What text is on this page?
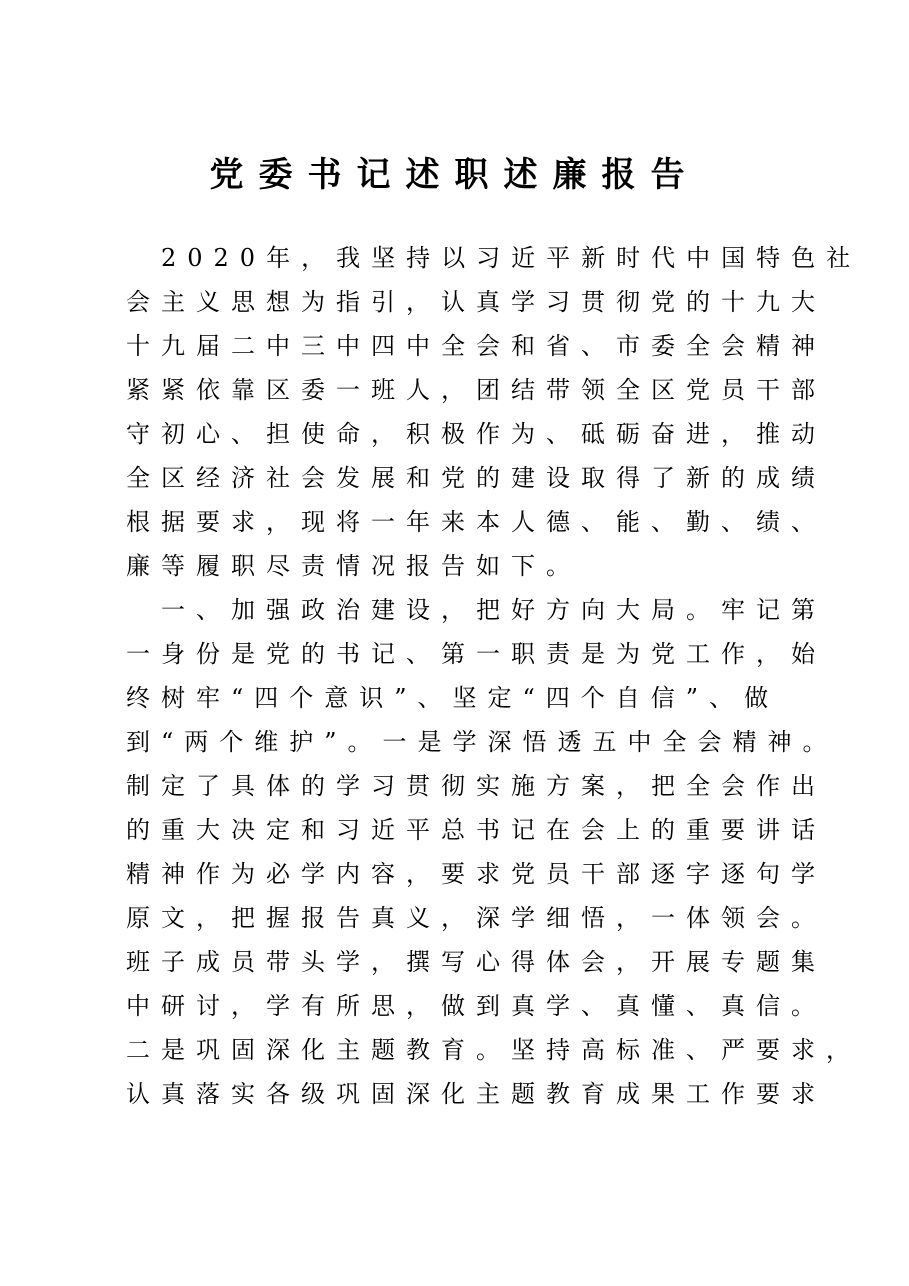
党委书记述职述廉报告
　2020年，我坚持以习近平新时代中国特色社
会主义思想为指引，认真学习贯彻党的十九大
十九届二中三中四中全会和省、市委全会精神
紧紧依靠区委一班人，团结带领全区党员干部
守初心、担使命，积极作为、砥砺奋进，推动
全区经济社会发展和党的建设取得了新的成绩
根据要求，现将一年来本人德、能、勤、绩、
廉等履职尽责情况报告如下。
　一、加强政治建设，把好方向大局。牢记第
一身份是党的书记、第一职责是为党工作，始
终树牢“四个意识”、坚定“四个自信”、做
到“两个维护”。一是学深悟透五中全会精神。
制定了具体的学习贯彻实施方案，把全会作出
的重大决定和习近平总书记在会上的重要讲话
精神作为必学内容，要求党员干部逐字逐句学
原文，把握报告真义，深学细悟，一体领会。
班子成员带头学，撰写心得体会，开展专题集
中研讨，学有所思，做到真学、真懂、真信。
二是巩固深化主题教育。坚持高标准、严要求，
认真落实各级巩固深化主题教育成果工作要求
